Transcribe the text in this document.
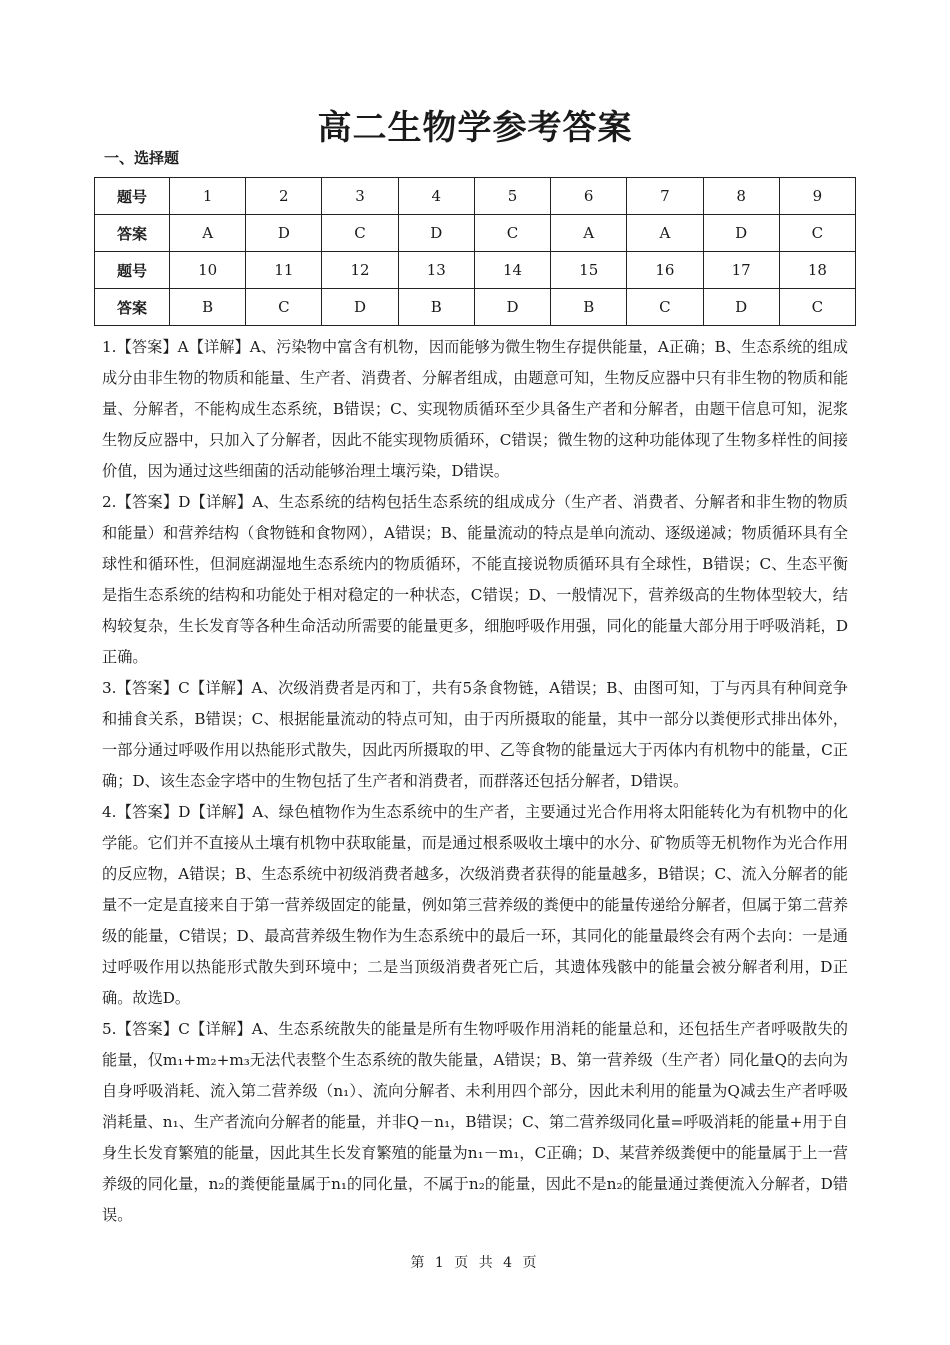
高二生物学参考答案
一、选择题
题号	1	2	3	4	5	6	7	8	9
答案	A	D	C	D	C	A	A	D	C
题号	10	11	12	13	14	15	16	17	18
答案	B	C	D	B	D	B	C	D	C

1.【答案】A【详解】A、污染物中富含有机物，因而能够为微生物生存提供能量，A正确；B、生态系统的组成成分由非生物的物质和能量、生产者、消费者、分解者组成，由题意可知，生物反应器中只有非生物的物质和能量、分解者，不能构成生态系统，B错误；C、实现物质循环至少具备生产者和分解者，由题干信息可知，泥浆生物反应器中，只加入了分解者，因此不能实现物质循环，C错误；微生物的这种功能体现了生物多样性的间接价值，因为通过这些细菌的活动能够治理土壤污染，D错误。

2.【答案】D【详解】A、生态系统的结构包括生态系统的组成成分（生产者、消费者、分解者和非生物的物质和能量）和营养结构（食物链和食物网），A错误；B、能量流动的特点是单向流动、逐级递减；物质循环具有全球性和循环性，但洞庭湖湿地生态系统内的物质循环，不能直接说物质循环具有全球性，B错误；C、生态平衡是指生态系统的结构和功能处于相对稳定的一种状态，C错误；D、一般情况下，营养级高的生物体型较大，结构较复杂，生长发育等各种生命活动所需要的能量更多，细胞呼吸作用强，同化的能量大部分用于呼吸消耗，D正确。

3.【答案】C【详解】A、次级消费者是丙和丁，共有5条食物链，A错误；B、由图可知，丁与丙具有种间竞争和捕食关系，B错误；C、根据能量流动的特点可知，由于丙所摄取的能量，其中一部分以粪便形式排出体外，一部分通过呼吸作用以热能形式散失，因此丙所摄取的甲、乙等食物的能量远大于丙体内有机物中的能量，C正确；D、该生态金字塔中的生物包括了生产者和消费者，而群落还包括分解者，D错误。

4.【答案】D【详解】A、绿色植物作为生态系统中的生产者，主要通过光合作用将太阳能转化为有机物中的化学能。它们并不直接从土壤有机物中获取能量，而是通过根系吸收土壤中的水分、矿物质等无机物作为光合作用的反应物，A错误；B、生态系统中初级消费者越多，次级消费者获得的能量越多，B错误；C、流入分解者的能量不一定是直接来自于第一营养级固定的能量，例如第三营养级的粪便中的能量传递给分解者，但属于第二营养级的能量，C错误；D、最高营养级生物作为生态系统中的最后一环，其同化的能量最终会有两个去向：一是通过呼吸作用以热能形式散失到环境中；二是当顶级消费者死亡后，其遗体残骸中的能量会被分解者利用，D正确。故选D。

5.【答案】C【详解】A、生态系统散失的能量是所有生物呼吸作用消耗的能量总和，还包括生产者呼吸散失的能量，仅m₁+m₂+m₃无法代表整个生态系统的散失能量，A错误；B、第一营养级（生产者）同化量Q的去向为自身呼吸消耗、流入第二营养级（n₁）、流向分解者、未利用四个部分，因此未利用的能量为Q减去生产者呼吸消耗量、n₁、生产者流向分解者的能量，并非Q－n₁，B错误；C、第二营养级同化量=呼吸消耗的能量+用于自身生长发育繁殖的能量，因此其生长发育繁殖的能量为n₁－m₁，C正确；D、某营养级粪便中的能量属于上一营养级的同化量，n₂的粪便能量属于n₁的同化量，不属于n₂的能量，因此不是n₂的能量通过粪便流入分解者，D错误。

第 1 页 共 4 页
